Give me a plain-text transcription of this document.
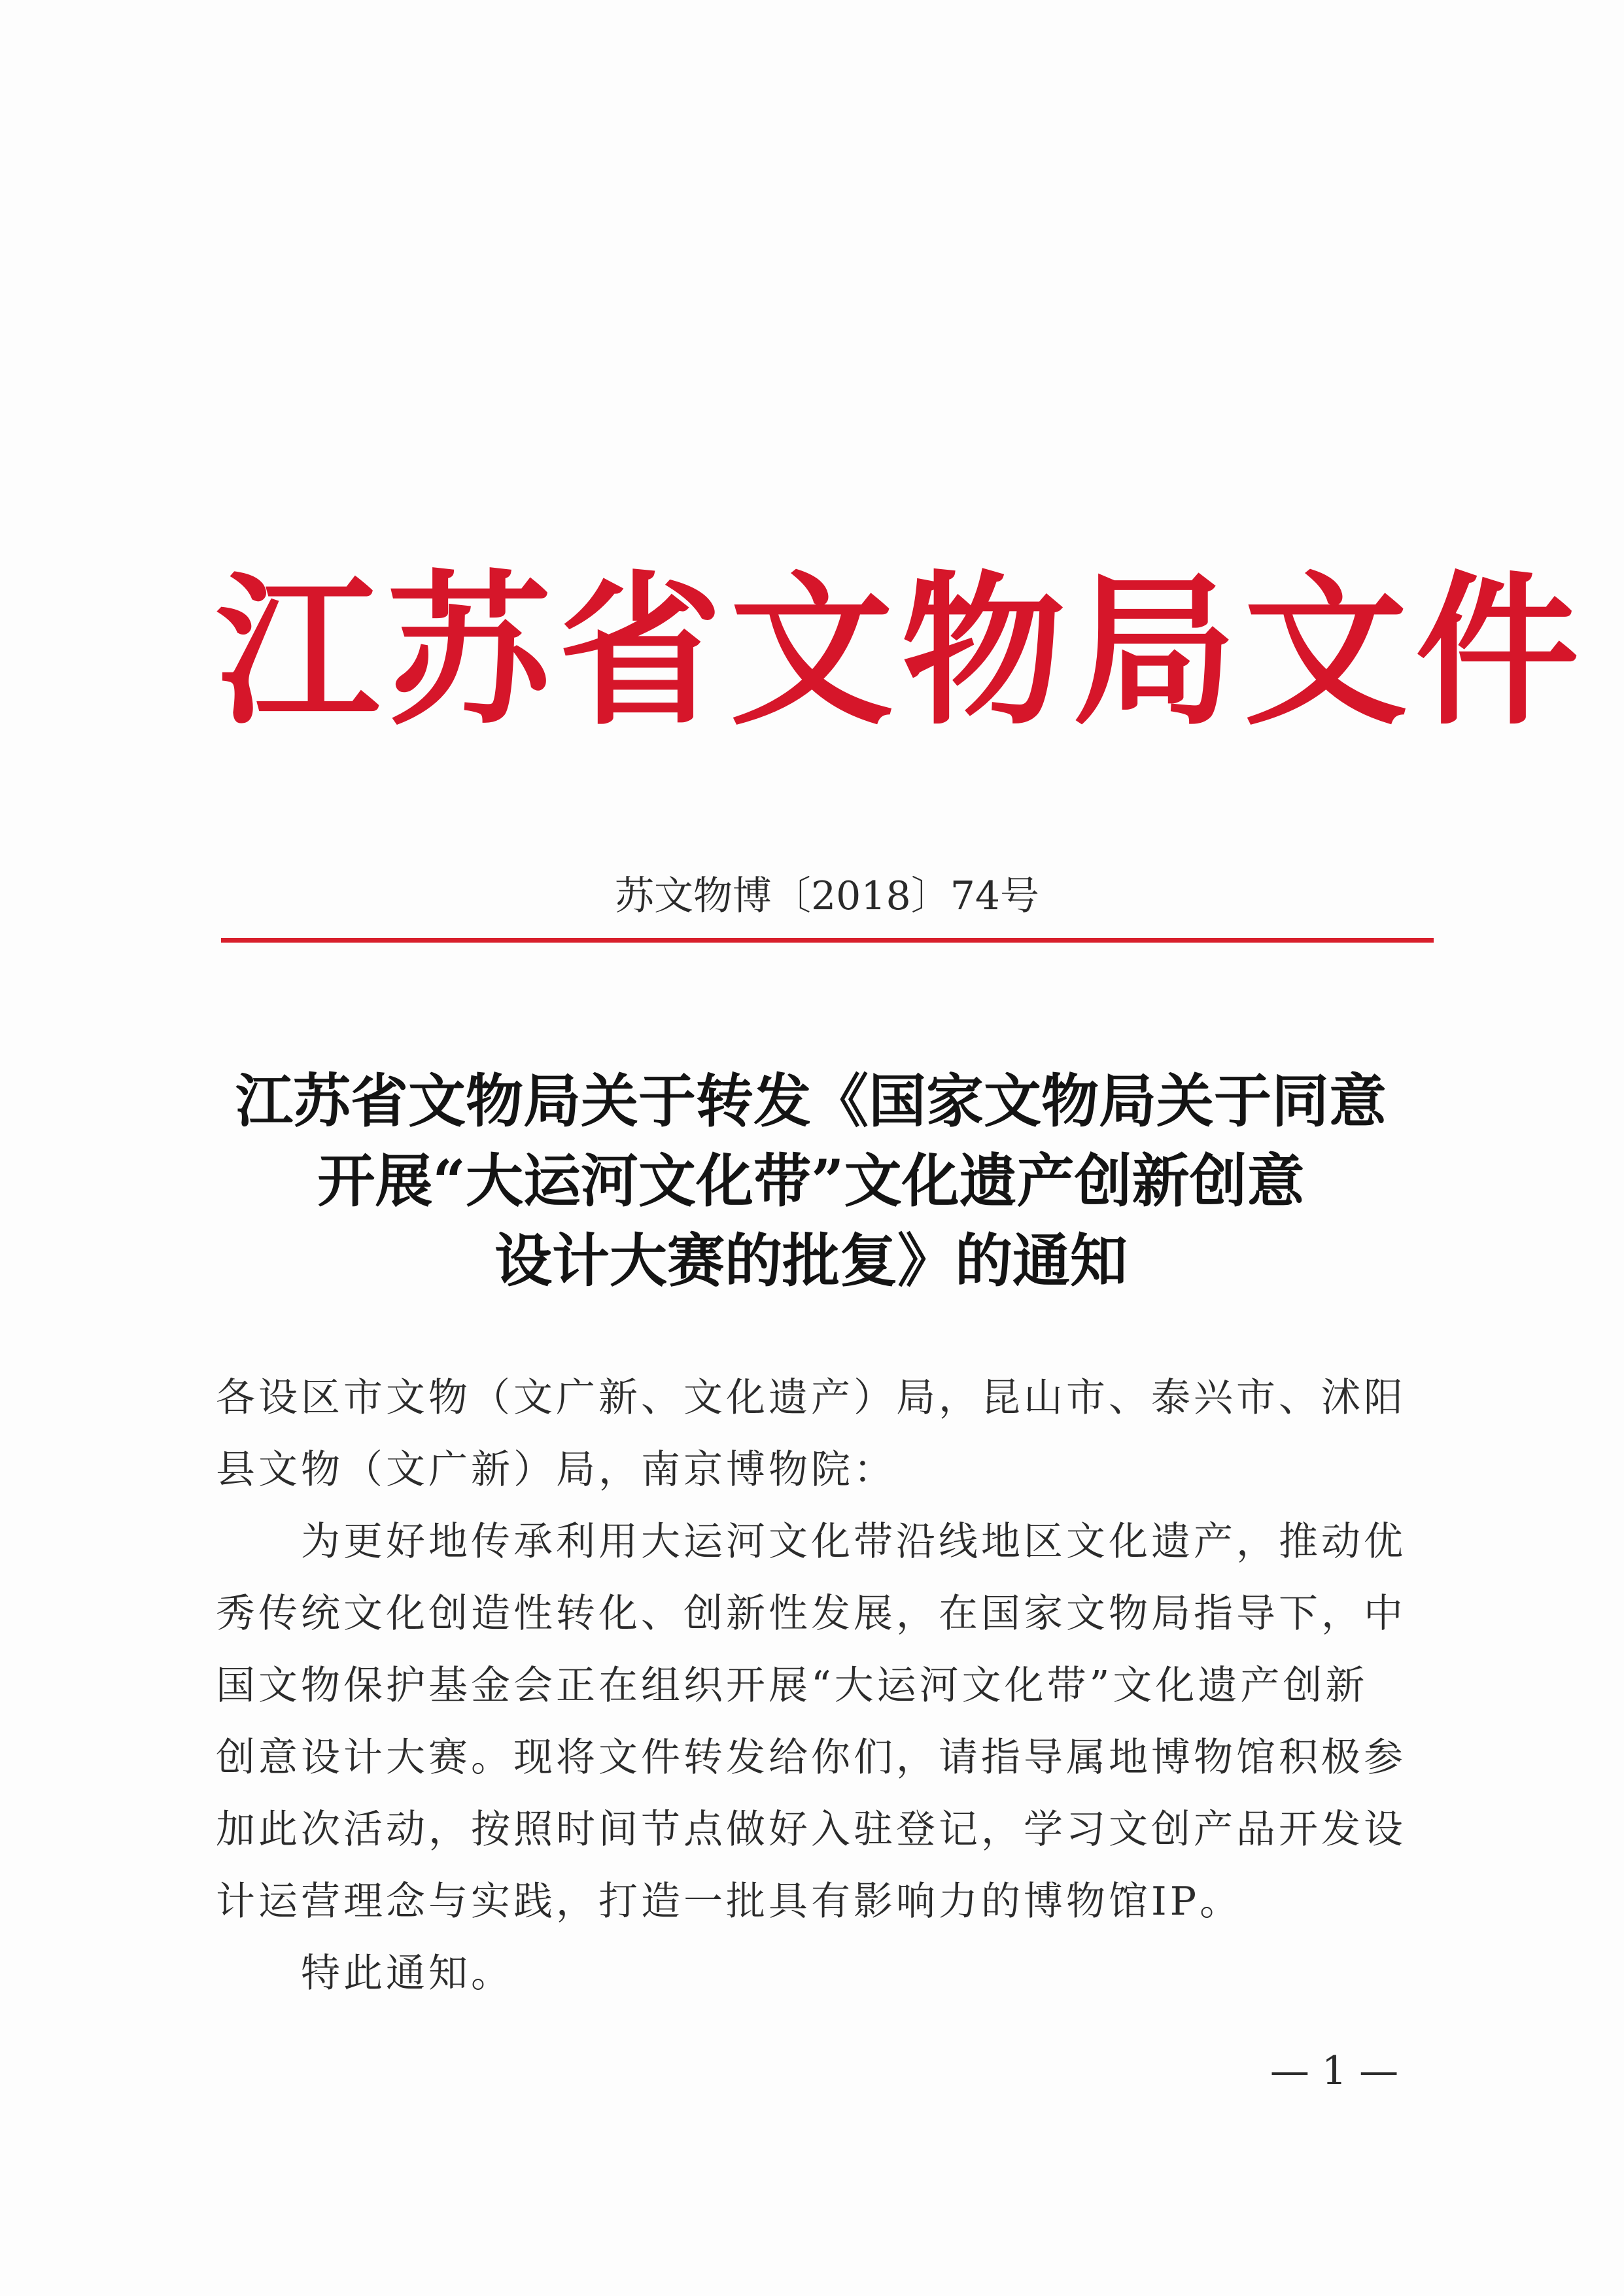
江苏省文物局文件
苏文物博〔2018〕74号
江苏省文物局关于转发《国家文物局关于同意
开展“大运河文化带”文化遗产创新创意
设计大赛的批复》的通知
各设区市文物（文广新、文化遗产）局，昆山市、泰兴市、沭阳
县文物（文广新）局，南京博物院：
为更好地传承利用大运河文化带沿线地区文化遗产，推动优
秀传统文化创造性转化、创新性发展，在国家文物局指导下，中
国文物保护基金会正在组织开展“大运河文化带”文化遗产创新
创意设计大赛。现将文件转发给你们，请指导属地博物馆积极参
加此次活动，按照时间节点做好入驻登记，学习文创产品开发设
计运营理念与实践，打造一批具有影响力的博物馆IP。
特此通知。
— 1 —
